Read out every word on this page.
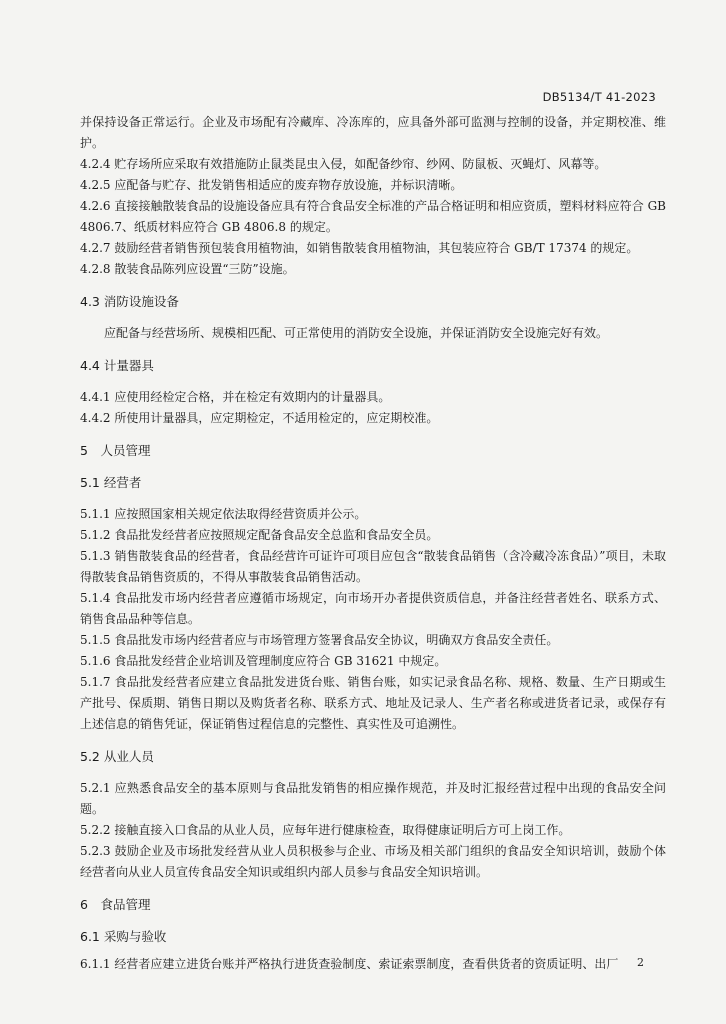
DB5134/T 41-2023

并保持设备正常运行。企业及市场配有冷藏库、冷冻库的，应具备外部可监测与控制的设备，并定期校准、维护。

4.2.4 贮存场所应采取有效措施防止鼠类昆虫入侵，如配备纱帘、纱网、防鼠板、灭蝇灯、风幕等。

4.2.5 应配备与贮存、批发销售相适应的废弃物存放设施，并标识清晰。

4.2.6 直接接触散装食品的设施设备应具有符合食品安全标准的产品合格证明和相应资质，塑料材料应符合 GB 4806.7、纸质材料应符合 GB 4806.8 的规定。

4.2.7 鼓励经营者销售预包装食用植物油，如销售散装食用植物油，其包装应符合 GB/T 17374 的规定。

4.2.8 散装食品陈列应设置“三防”设施。

4.3 消防设施设备

应配备与经营场所、规模相匹配、可正常使用的消防安全设施，并保证消防安全设施完好有效。

4.4 计量器具

4.4.1 应使用经检定合格，并在检定有效期内的计量器具。

4.4.2 所使用计量器具，应定期检定，不适用检定的，应定期校准。

5　人员管理

5.1 经营者

5.1.1 应按照国家相关规定依法取得经营资质并公示。

5.1.2 食品批发经营者应按照规定配备食品安全总监和食品安全员。

5.1.3 销售散装食品的经营者，食品经营许可证许可项目应包含“散装食品销售（含冷藏冷冻食品）”项目，未取得散装食品销售资质的，不得从事散装食品销售活动。

5.1.4 食品批发市场内经营者应遵循市场规定，向市场开办者提供资质信息，并备注经营者姓名、联系方式、销售食品品种等信息。

5.1.5 食品批发市场内经营者应与市场管理方签署食品安全协议，明确双方食品安全责任。

5.1.6 食品批发经营企业培训及管理制度应符合 GB 31621 中规定。

5.1.7 食品批发经营者应建立食品批发进货台账、销售台账，如实记录食品名称、规格、数量、生产日期或生产批号、保质期、销售日期以及购货者名称、联系方式、地址及记录人、生产者名称或进货者记录，或保存有上述信息的销售凭证，保证销售过程信息的完整性、真实性及可追溯性。

5.2 从业人员

5.2.1 应熟悉食品安全的基本原则与食品批发销售的相应操作规范，并及时汇报经营过程中出现的食品安全问题。

5.2.2 接触直接入口食品的从业人员，应每年进行健康检查，取得健康证明后方可上岗工作。

5.2.3 鼓励企业及市场批发经营从业人员积极参与企业、市场及相关部门组织的食品安全知识培训，鼓励个体经营者向从业人员宣传食品安全知识或组织内部人员参与食品安全知识培训。

6　食品管理

6.1 采购与验收

6.1.1 经营者应建立进货台账并严格执行进货查验制度、索证索票制度，查看供货者的资质证明、出厂	2
